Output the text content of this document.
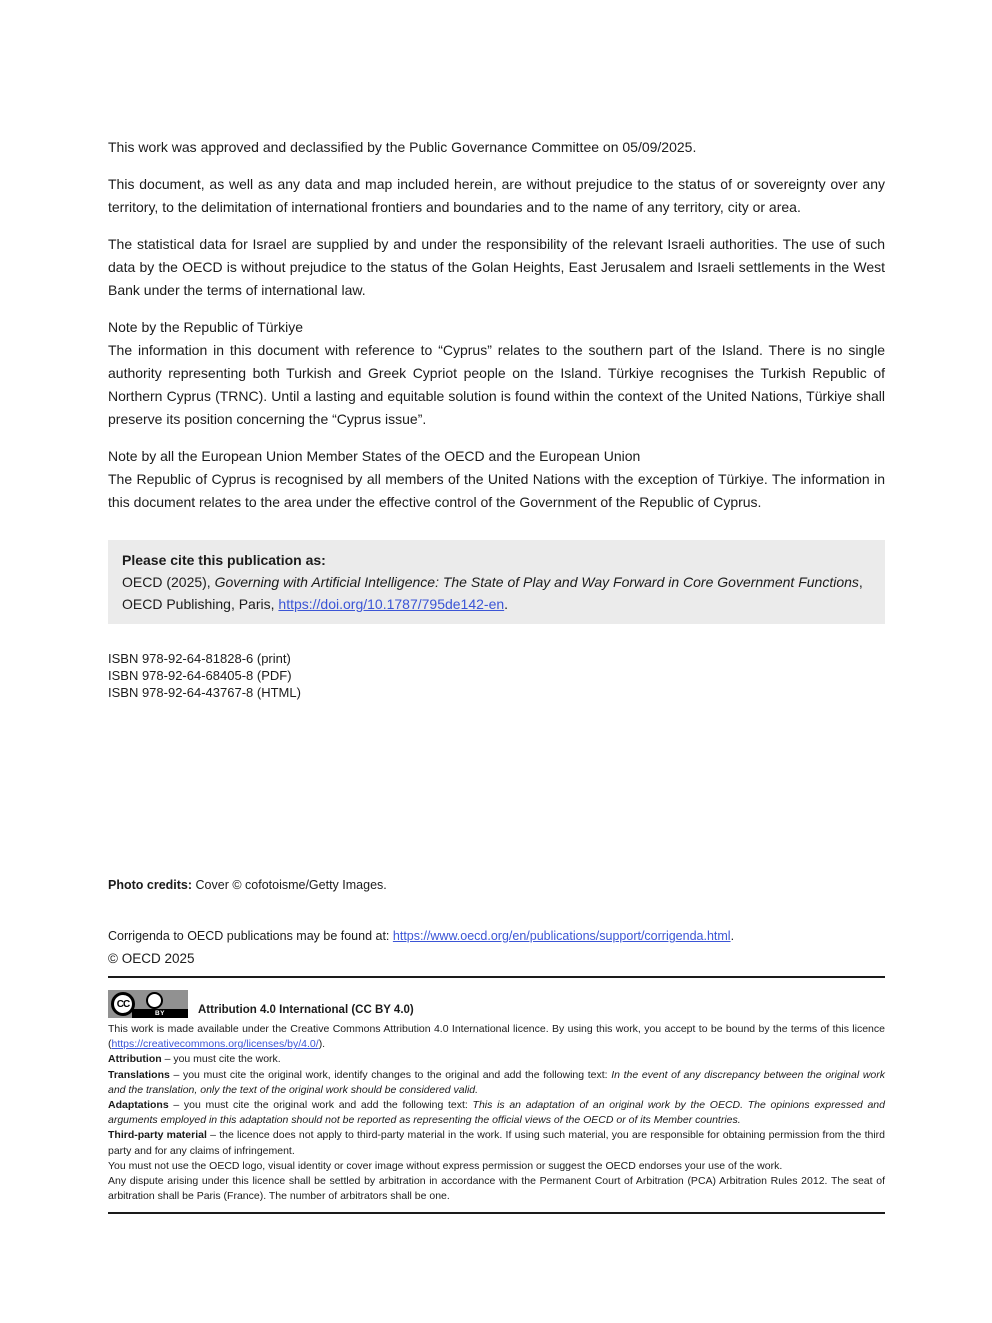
This work was approved and declassified by the Public Governance Committee on 05/09/2025.

This document, as well as any data and map included herein, are without prejudice to the status of or sovereignty over any territory, to the delimitation of international frontiers and boundaries and to the name of any territory, city or area.

The statistical data for Israel are supplied by and under the responsibility of the relevant Israeli authorities. The use of such data by the OECD is without prejudice to the status of the Golan Heights, East Jerusalem and Israeli settlements in the West Bank under the terms of international law.

Note by the Republic of Türkiye

The information in this document with reference to “Cyprus” relates to the southern part of the Island. There is no single authority representing both Turkish and Greek Cypriot people on the Island. Türkiye recognises the Turkish Republic of Northern Cyprus (TRNC). Until a lasting and equitable solution is found within the context of the United Nations, Türkiye shall preserve its position concerning the “Cyprus issue”.

Note by all the European Union Member States of the OECD and the European Union

The Republic of Cyprus is recognised by all members of the United Nations with the exception of Türkiye. The information in this document relates to the area under the effective control of the Government of the Republic of Cyprus.

Please cite this publication as:

OECD (2025), Governing with Artificial Intelligence: The State of Play and Way Forward in Core Government Functions, OECD Publishing, Paris, https://doi.org/10.1787/795de142-en.

ISBN 978-92-64-81828-6 (print)
ISBN 978-92-64-68405-8 (PDF)
ISBN 978-92-64-43767-8 (HTML)

Photo credits: Cover © cofotoisme/Getty Images.

Corrigenda to OECD publications may be found at: https://www.oecd.org/en/publications/support/corrigenda.html.

© OECD 2025

CC
BY	Attribution 4.0 International (CC BY 4.0)

This work is made available under the Creative Commons Attribution 4.0 International licence. By using this work, you accept to be bound by the terms of this licence (https://creativecommons.org/licenses/by/4.0/).

Attribution – you must cite the work.

Translations – you must cite the original work, identify changes to the original and add the following text: In the event of any discrepancy between the original work and the translation, only the text of the original work should be considered valid.

Adaptations – you must cite the original work and add the following text: This is an adaptation of an original work by the OECD. The opinions expressed and arguments employed in this adaptation should not be reported as representing the official views of the OECD or of its Member countries.

Third-party material – the licence does not apply to third-party material in the work. If using such material, you are responsible for obtaining permission from the third party and for any claims of infringement.

You must not use the OECD logo, visual identity or cover image without express permission or suggest the OECD endorses your use of the work.

Any dispute arising under this licence shall be settled by arbitration in accordance with the Permanent Court of Arbitration (PCA) Arbitration Rules 2012. The seat of arbitration shall be Paris (France). The number of arbitrators shall be one.
